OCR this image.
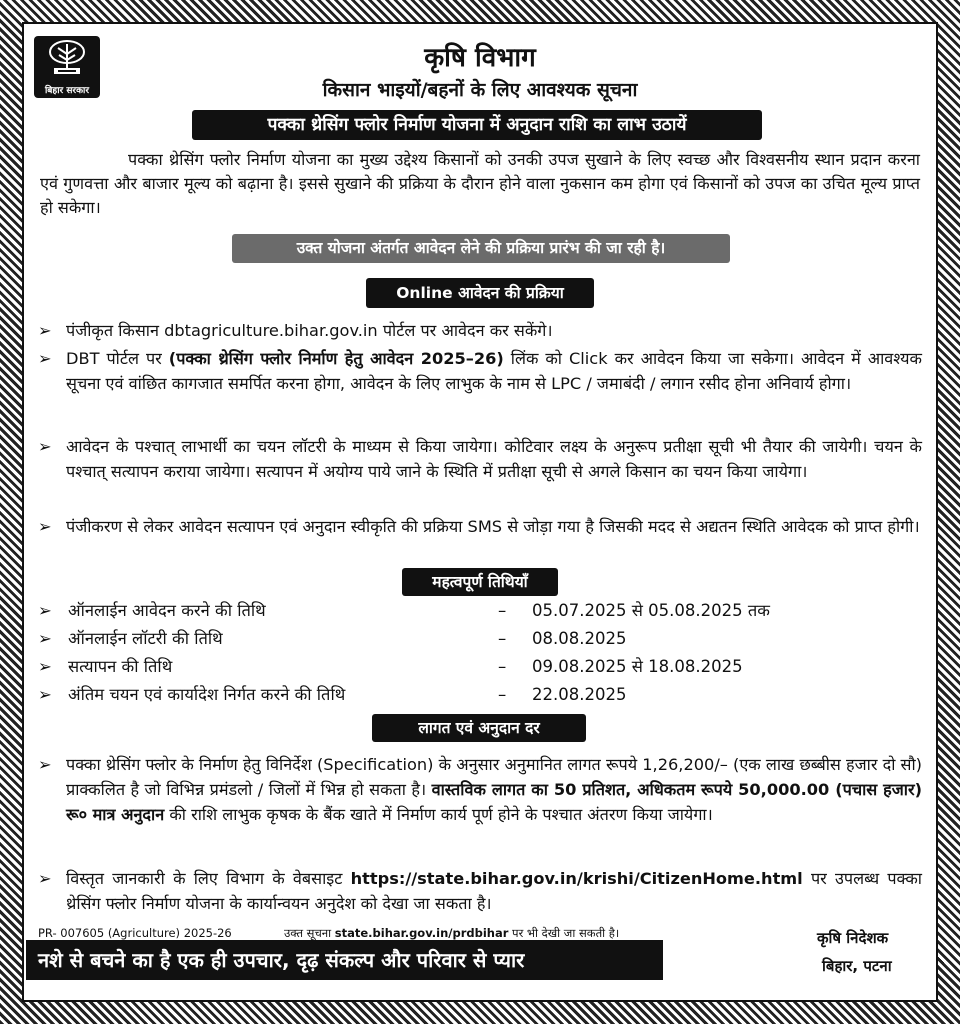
बिहार सरकार
कृषि विभाग
किसान भाइयों/बहनों के लिए आवश्यक सूचना
पक्का थ्रेसिंग फ्लोर निर्माण योजना में अनुदान राशि का लाभ उठायें
पक्का थ्रेसिंग फ्लोर निर्माण योजना का मुख्य उद्देश्य किसानों को उनकी उपज सुखाने के लिए स्वच्छ और विश्वसनीय स्थान प्रदान करना एवं गुणवत्ता और बाजार मूल्य को बढ़ाना है। इससे सुखाने की प्रक्रिया के दौरान होने वाला नुकसान कम होगा एवं किसानों को उपज का उचित मूल्य प्राप्त हो सकेगा।
उक्त योजना अंतर्गत आवेदन लेने की प्रक्रिया प्रारंभ की जा रही है।
Online आवेदन की प्रक्रिया
➢ पंजीकृत किसान dbtagriculture.bihar.gov.in पोर्टल पर आवेदन कर सकेंगे।
➢ DBT पोर्टल पर (पक्का थ्रेसिंग फ्लोर निर्माण हेतु आवेदन 2025–26) लिंक को Click कर आवेदन किया जा सकेगा। आवेदन में आवश्यक सूचना एवं वांछित कागजात समर्पित करना होगा, आवेदन के लिए लाभुक के नाम से LPC / जमाबंदी / लगान रसीद होना अनिवार्य होगा।
➢ आवेदन के पश्चात् लाभार्थी का चयन लॉटरी के माध्यम से किया जायेगा। कोटिवार लक्ष्य के अनुरूप प्रतीक्षा सूची भी तैयार की जायेगी। चयन के पश्चात् सत्यापन कराया जायेगा। सत्यापन में अयोग्य पाये जाने के स्थिति में प्रतीक्षा सूची से अगले किसान का चयन किया जायेगा।
➢ पंजीकरण से लेकर आवेदन सत्यापन एवं अनुदान स्वीकृति की प्रक्रिया SMS से जोड़ा गया है जिसकी मदद से अद्यतन स्थिति आवेदक को प्राप्त होगी।
महत्वपूर्ण तिथियाँ
➢ ऑनलाईन आवेदन करने की तिथि	– 05.07.2025 से 05.08.2025 तक
➢ ऑनलाईन लॉटरी की तिथि	– 08.08.2025
➢ सत्यापन की तिथि	– 09.08.2025 से 18.08.2025
➢ अंतिम चयन एवं कार्यादेश निर्गत करने की तिथि	– 22.08.2025
लागत एवं अनुदान दर
➢ पक्का थ्रेसिंग फ्लोर के निर्माण हेतु विनिर्देश (Specification) के अनुसार अनुमानित लागत रूपये 1,26,200/– (एक लाख छब्बीस हजार दो सौ) प्राक्कलित है जो विभिन्न प्रमंडलो / जिलों में भिन्न हो सकता है। वास्तविक लागत का 50 प्रतिशत, अधिकतम रूपये 50,000.00 (पचास हजार) रू० मात्र अनुदान की राशि लाभुक कृषक के बैंक खाते में निर्माण कार्य पूर्ण होने के पश्चात अंतरण किया जायेगा।
➢ विस्तृत जानकारी के लिए विभाग के वेबसाइट https://state.bihar.gov.in/krishi/CitizenHome.html पर उपलब्ध पक्का थ्रेसिंग फ्लोर निर्माण योजना के कार्यान्वयन अनुदेश को देखा जा सकता है।
PR- 007605 (Agriculture) 2025-26	उक्त सूचना state.bihar.gov.in/prdbihar पर भी देखी जा सकती है।
नशे से बचने का है एक ही उपचार, दृढ़ संकल्प और परिवार से प्यार
कृषि निदेशक
बिहार, पटना
